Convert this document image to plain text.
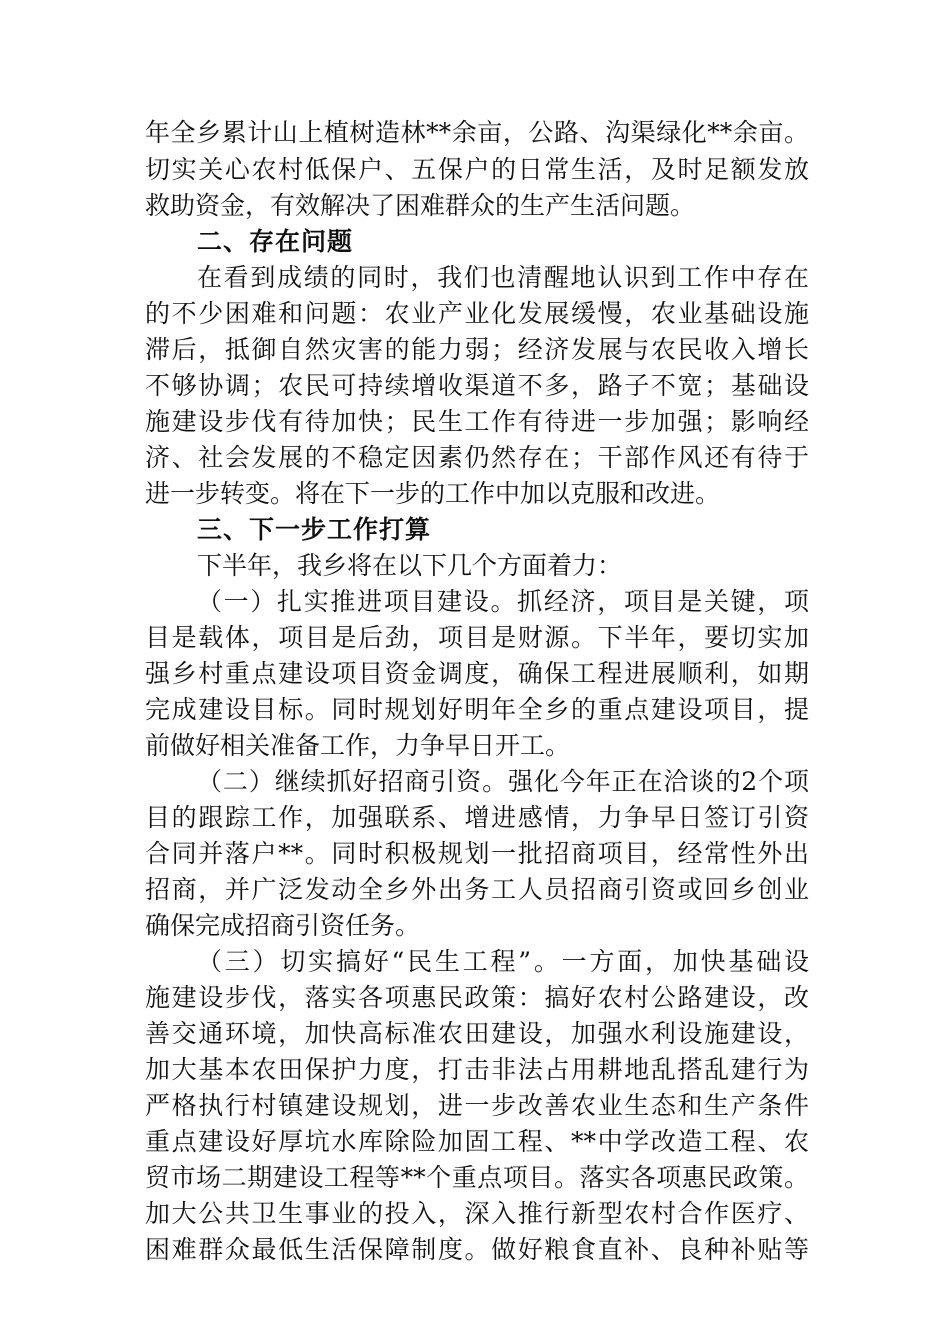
年全乡累计山上植树造林**余亩，公路、沟渠绿化**余亩。
切实关心农村低保户、五保户的日常生活，及时足额发放
救助资金，有效解决了困难群众的生产生活问题。
二、存在问题
在看到成绩的同时，我们也清醒地认识到工作中存在
的不少困难和问题：农业产业化发展缓慢，农业基础设施
滞后，抵御自然灾害的能力弱；经济发展与农民收入增长
不够协调；农民可持续增收渠道不多，路子不宽；基础设
施建设步伐有待加快；民生工作有待进一步加强；影响经
济、社会发展的不稳定因素仍然存在；干部作风还有待于
进一步转变。将在下一步的工作中加以克服和改进。
三、下一步工作打算
下半年，我乡将在以下几个方面着力：
（一）扎实推进项目建设。抓经济，项目是关键，项
目是载体，项目是后劲，项目是财源。下半年，要切实加
强乡村重点建设项目资金调度，确保工程进展顺利，如期
完成建设目标。同时规划好明年全乡的重点建设项目，提
前做好相关准备工作，力争早日开工。
（二）继续抓好招商引资。强化今年正在洽谈的2个项
目的跟踪工作，加强联系、增进感情，力争早日签订引资
合同并落户**。同时积极规划一批招商项目，经常性外出
招商，并广泛发动全乡外出务工人员招商引资或回乡创业
确保完成招商引资任务。
（三）切实搞好“民生工程”。一方面，加快基础设
施建设步伐，落实各项惠民政策：搞好农村公路建设，改
善交通环境，加快高标准农田建设，加强水利设施建设，
加大基本农田保护力度，打击非法占用耕地乱搭乱建行为
严格执行村镇建设规划，进一步改善农业生态和生产条件
重点建设好厚坑水库除险加固工程、**中学改造工程、农
贸市场二期建设工程等**个重点项目。落实各项惠民政策。
加大公共卫生事业的投入，深入推行新型农村合作医疗、
困难群众最低生活保障制度。做好粮食直补、良种补贴等
